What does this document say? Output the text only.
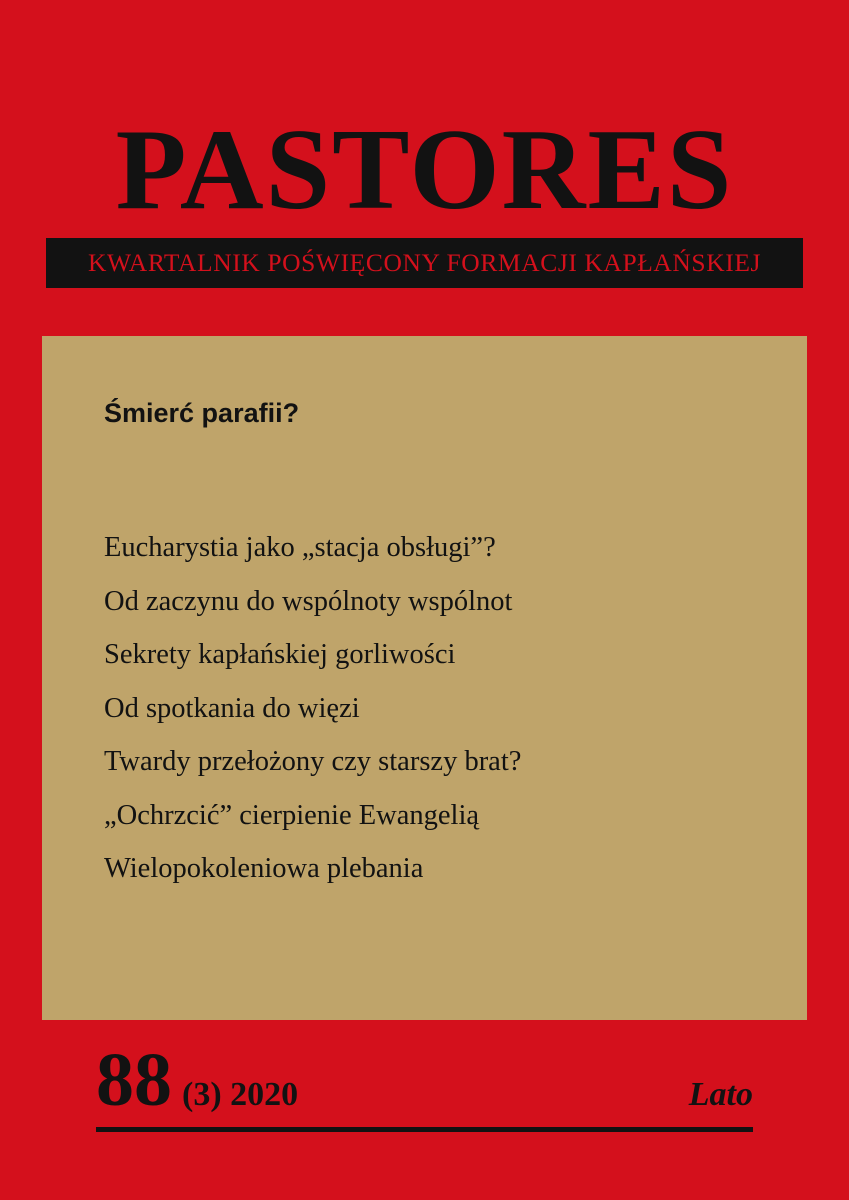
PASTORES
KWARTALNIK POŚWIĘCONY FORMACJI KAPŁAŃSKIEJ
Śmierć parafii?
Eucharystia jako „stacja obsługi”?
Od zaczynu do wspólnoty wspólnot
Sekrety kapłańskiej gorliwości
Od spotkania do więzi
Twardy przełożony czy starszy brat?
„Ochrzcić” cierpienie Ewangelią
Wielopokoleniowa plebania
88 (3) 2020	Lato
